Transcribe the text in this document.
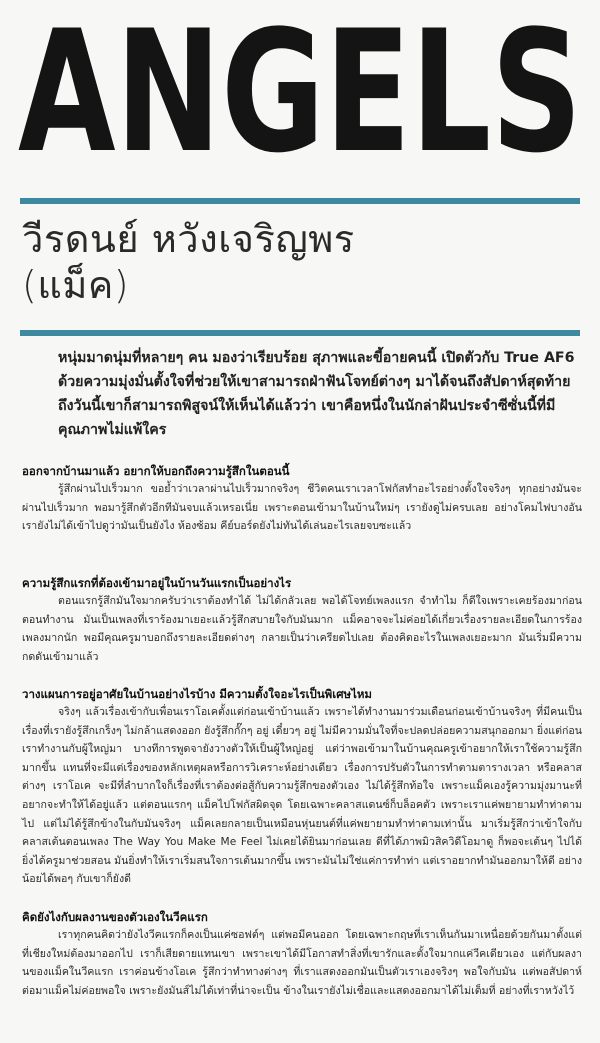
ANGELS
วีรดนย์ หวังเจริญพร
(แม็ค)
หนุ่มมาดนุ่มที่หลายๆ คน มองว่าเรียบร้อย สุภาพและขี้อายคนนี้ เปิดตัวกับ True AF6 ด้วยความมุ่งมั่นตั้งใจที่ช่วยให้เขาสามารถฝ่าฟันโจทย์ต่างๆ มาได้จนถึงสัปดาห์สุดท้าย ถึงวันนี้เขาก็สามารถพิสูจน์ให้เห็นได้แล้วว่า เขาคือหนึ่งในนักล่าฝันประจำซีซั่นนี้ที่มีคุณภาพไม่แพ้ใคร
ออกจากบ้านมาแล้ว อยากให้บอกถึงความรู้สึกในตอนนี้

รู้สึกผ่านไปเร็วมาก ขอย้ำว่าเวลาผ่านไปเร็วมากจริงๆ ชีวิตคนเราเวลาโฟกัสทำอะไรอย่างตั้งใจจริงๆ ทุกอย่างมันจะผ่านไปเร็วมาก พอมารู้สึกตัวอีกทีมันจบแล้วเหรอเนี่ย เพราะตอนเข้ามาในบ้านใหม่ๆ เรายังดูไม่ครบเลย อย่างโคมไฟบางอันเรายังไม่ได้เข้าไปดูว่ามันเป็นยังไง ห้องซ้อม คีย์บอร์ดยังไม่ทันได้เล่นอะไรเลยจบซะแล้ว

ความรู้สึกแรกที่ต้องเข้ามาอยู่ในบ้านวันแรกเป็นอย่างไร

ตอนแรกรู้สึกมันใจมากครับว่าเราต้องทำได้ ไม่ได้กลัวเลย พอได้โจทย์เพลงแรก จำทำไม ก็ดีใจเพราะเคยร้องมาก่อนตอนทำงาน มันเป็นเพลงที่เราร้องมาเยอะแล้วรู้สึกสบายใจกับมันมาก แม็คอาจจะไม่ค่อยได้เกี่ยวเรื่องรายละเอียดในการร้องเพลงมากนัก พอมีคุณครูมาบอกถึงรายละเอียดต่างๆ กลายเป็นว่าเครียดไปเลย ต้องคิดอะไรในเพลงเยอะมาก มันเริ่มมีความกดดันเข้ามาแล้ว

วางแผนการอยู่อาศัยในบ้านอย่างไรบ้าง มีความตั้งใจอะไรเป็นพิเศษไหม

จริงๆ แล้วเรื่องเข้ากับเพื่อนเราโอเคตั้งแต่ก่อนเข้าบ้านแล้ว เพราะได้ทำงานมาร่วมเดือนก่อนเข้าบ้านจริงๆ ที่มีคนเป็นเรื่องที่เรายังรู้สึกเกร็งๆ ไม่กล้าแสดงออก ยังรู้สึกกั๊กๆ อยู่ เดี๋ยวๆ อยู่ ไม่มีความมั่นใจที่จะปลดปล่อยความสนุกออกมา ยิ่งแต่ก่อนเราทำงานกับผู้ใหญ่มา บางทีการพูดจายังวางตัวให้เป็นผู้ใหญ่อยู่ แต่ว่าพอเข้ามาในบ้านคุณครูเข้าอยากให้เราใช้ความรู้สึกมากขึ้น แทนที่จะมีแต่เรื่องของหลักเหตุผลหรือการวิเคราะห์อย่างเดียว เรื่องการปรับตัวในการทำตามตารางเวลา หรือคลาสต่างๆ เราโอเค จะมีที่ลำบากใจก็เรื่องที่เราต้องต่อสู้กับความรู้สึกของตัวเอง ไม่ได้รู้สึกท้อใจ เพราะแม็คเองรู้ความมุ่งมานะที่อยากจะทำให้ได้อยู่แล้ว แต่ตอนแรกๆ แม็คไปโฟกัสผิดจุด โดยเฉพาะคลาสแดนซ์ก็บล็อคตัว เพราะเราแค่พยายามทำท่าตามไป แต่ไม่ได้รู้สึกข้างในกับมันจริงๆ แม็คเลยกลายเป็นเหมือนหุ่นยนต์ที่แค่พยายามทำท่าตามเท่านั้น มาเริ่มรู้สึกว่าเข้าใจกับคลาสเต้นตอนเพลง The Way You Make Me Feel ไม่เคยได้ยินมาก่อนเลย ดีที่ได้ภาพมิวสิควิดีโอมาดู ก็พอจะเต้นๆ ไปได้ ยิ่งได้ครูมาช่วยสอน มันยิ่งทำให้เราเริ่มสนใจการเต้นมากขึ้น เพราะมันไม่ใช่แค่การทำท่า แต่เราอยากทำมันออกมาให้ดี อย่างน้อยได้พอๆ กับเขาก็ยังดี

คิดยังไงกับผลงานของตัวเองในวีคแรก

เราทุกคนคิดว่ายังไงวีคแรกก็คงเป็นแค่ซอฟต์ๆ แต่พอมีคนออก โดยเฉพาะกฤษที่เราเห็นกันมาเหนื่อยด้วยกันมาตั้งแต่ที่เชียงใหม่ต้องมาออกไป เราก็เสียดายแทนเขา เพราะเขาได้มีโอกาสทำสิ่งที่เขารักและตั้งใจมากแค่วีคเดียวเอง แต่กับผลงานของแม็คในวีคแรก เราค่อนข้างโอเค รู้สึกว่าทำทางต่างๆ ที่เราแสดงออกมันเป็นตัวเราเองจริงๆ พอใจกับมัน แต่พอสัปดาห์ต่อมาแม็คไม่ค่อยพอใจ เพราะยังมันส์ไม่ได้เท่าที่น่าจะเป็น ข้างในเรายังไม่เชื่อและแสดงออกมาได้ไม่เต็มที่ อย่างที่เราหวังไว้
